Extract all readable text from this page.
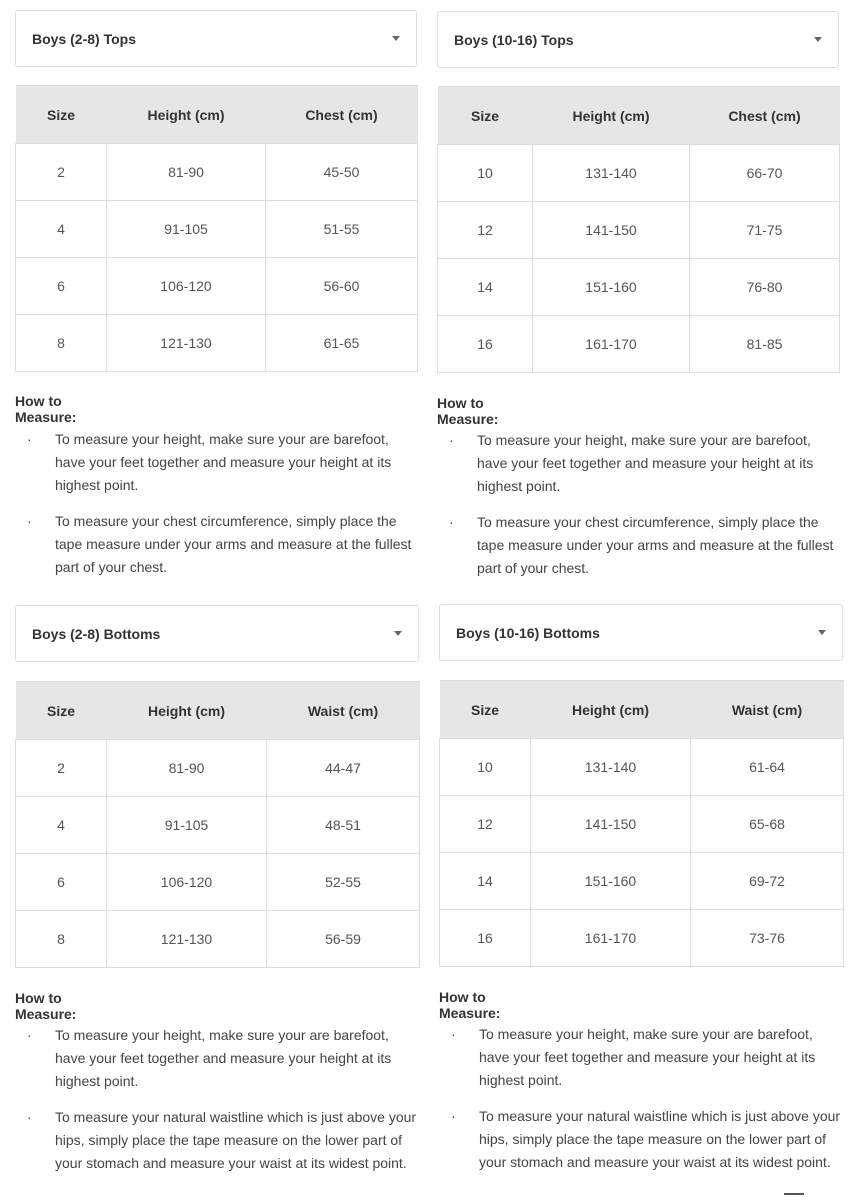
Boys (2-8) Tops
Size	Height (cm)	Chest (cm)
2	81-90	45-50
4	91-105	51-55
6	106-120	56-60
8	121-130	61-65

How to Measure:

· To measure your height, make sure your are barefoot, have your feet together and measure your height at its highest point.
· To measure your chest circumference, simply place the tape measure under your arms and measure at the fullest part of your chest.
Boys (10-16) Tops
Size	Height (cm)	Chest (cm)
10	131-140	66-70
12	141-150	71-75
14	151-160	76-80
16	161-170	81-85

How to Measure:

· To measure your height, make sure your are barefoot, have your feet together and measure your height at its highest point.
· To measure your chest circumference, simply place the tape measure under your arms and measure at the fullest part of your chest.
Boys (2-8) Bottoms
Size	Height (cm)	Waist (cm)
2	81-90	44-47
4	91-105	48-51
6	106-120	52-55
8	121-130	56-59

How to Measure:

· To measure your height, make sure your are barefoot, have your feet together and measure your height at its highest point.
· To measure your natural waistline which is just above your hips, simply place the tape measure on the lower part of your stomach and measure your waist at its widest point.
Boys (10-16) Bottoms
Size	Height (cm)	Waist (cm)
10	131-140	61-64
12	141-150	65-68
14	151-160	69-72
16	161-170	73-76

How to Measure:

· To measure your height, make sure your are barefoot, have your feet together and measure your height at its highest point.
· To measure your natural waistline which is just above your hips, simply place the tape measure on the lower part of your stomach and measure your waist at its widest point.
